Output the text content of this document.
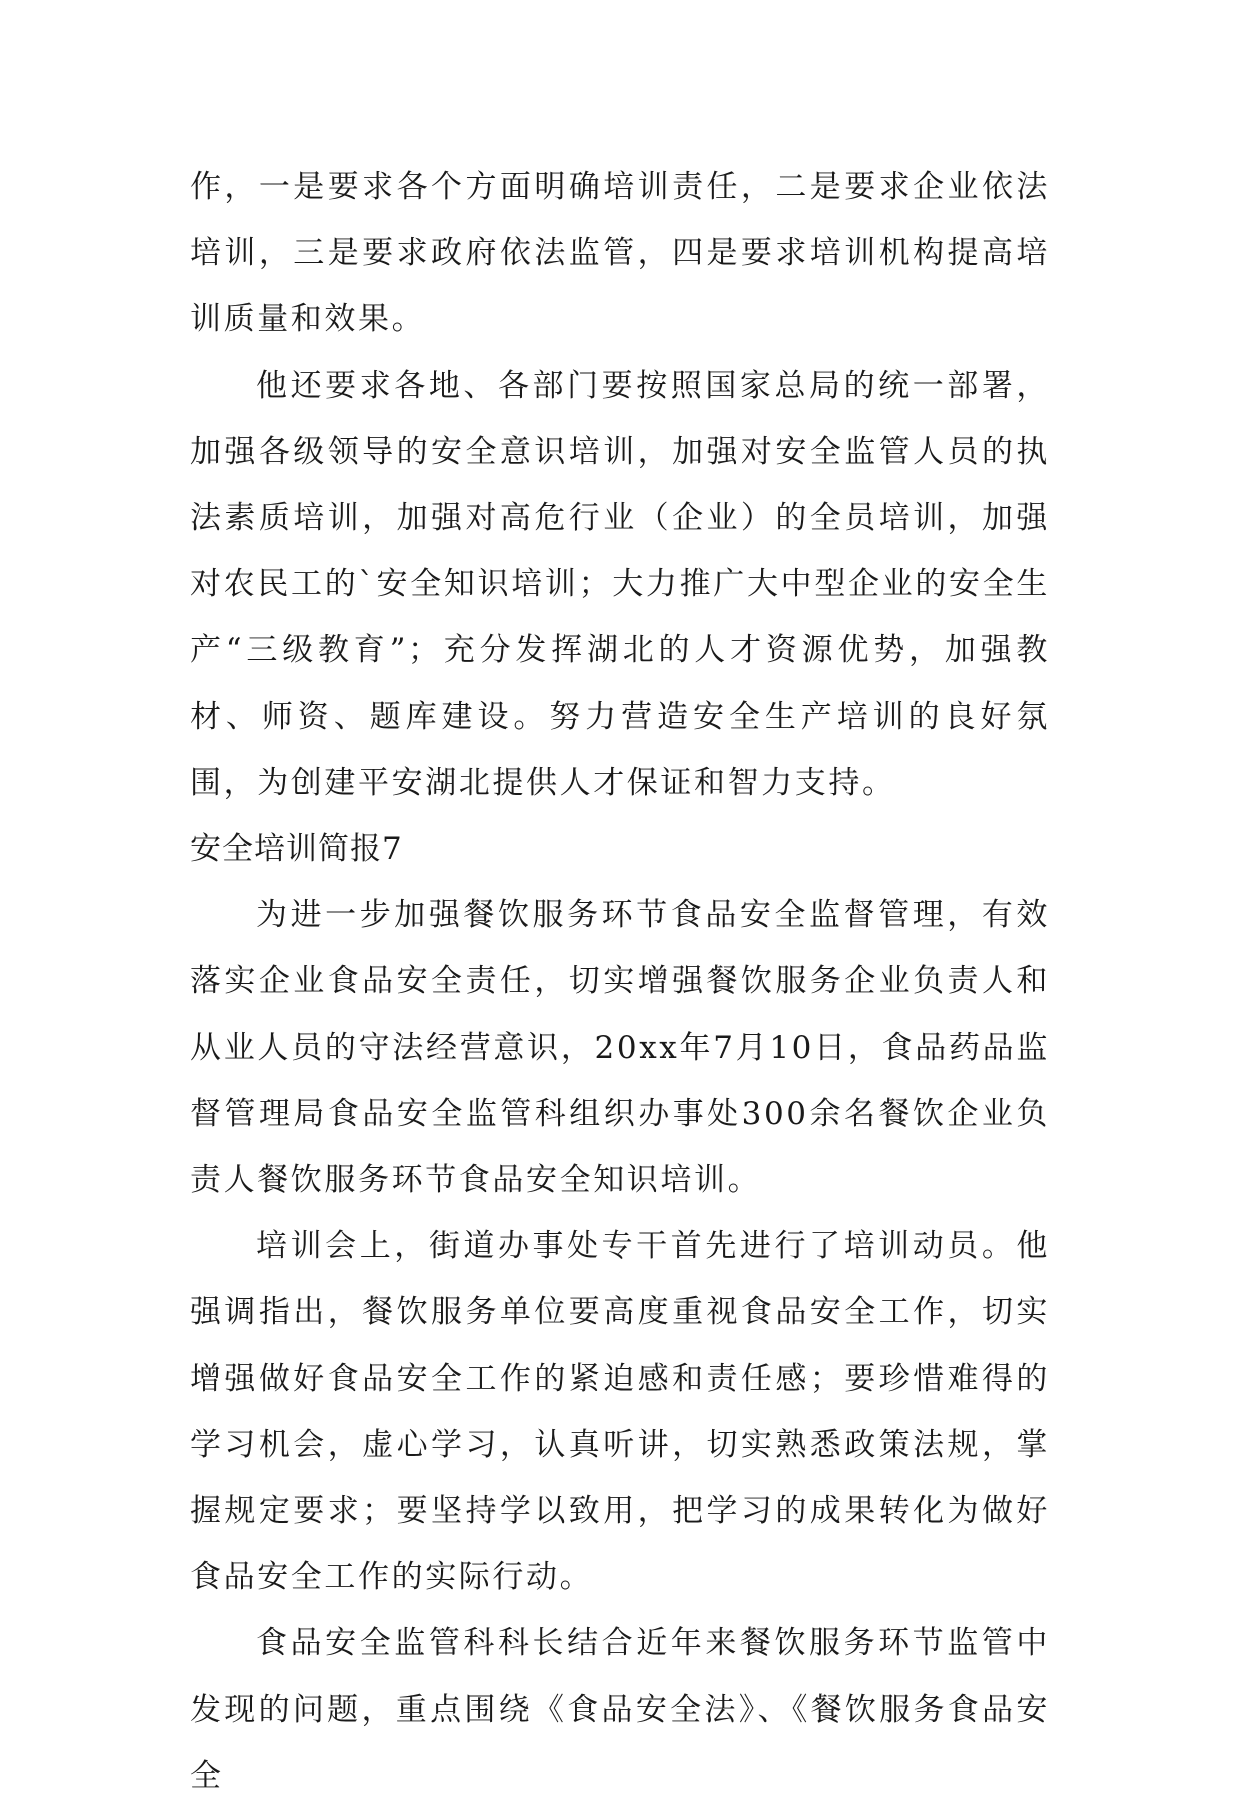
作，一是要求各个方面明确培训责任，二是要求企业依法培训，三是要求政府依法监管，四是要求培训机构提高培训质量和效果。

他还要求各地、各部门要按照国家总局的统一部署，加强各级领导的安全意识培训，加强对安全监管人员的执法素质培训，加强对高危行业（企业）的全员培训，加强对农民工的`安全知识培训；大力推广大中型企业的安全生产“三级教育”；充分发挥湖北的人才资源优势，加强教材、师资、题库建设。努力营造安全生产培训的良好氛围，为创建平安湖北提供人才保证和智力支持。

安全培训简报7

为进一步加强餐饮服务环节食品安全监督管理，有效落实企业食品安全责任，切实增强餐饮服务企业负责人和从业人员的守法经营意识，20xx年7月10日，食品药品监督管理局食品安全监管科组织办事处300余名餐饮企业负责人餐饮服务环节食品安全知识培训。

培训会上，街道办事处专干首先进行了培训动员。他强调指出，餐饮服务单位要高度重视食品安全工作，切实增强做好食品安全工作的紧迫感和责任感；要珍惜难得的学习机会，虚心学习，认真听讲，切实熟悉政策法规，掌握规定要求；要坚持学以致用，把学习的成果转化为做好食品安全工作的实际行动。

食品安全监管科科长结合近年来餐饮服务环节监管中发现的问题，重点围绕《食品安全法》、《餐饮服务食品安全
